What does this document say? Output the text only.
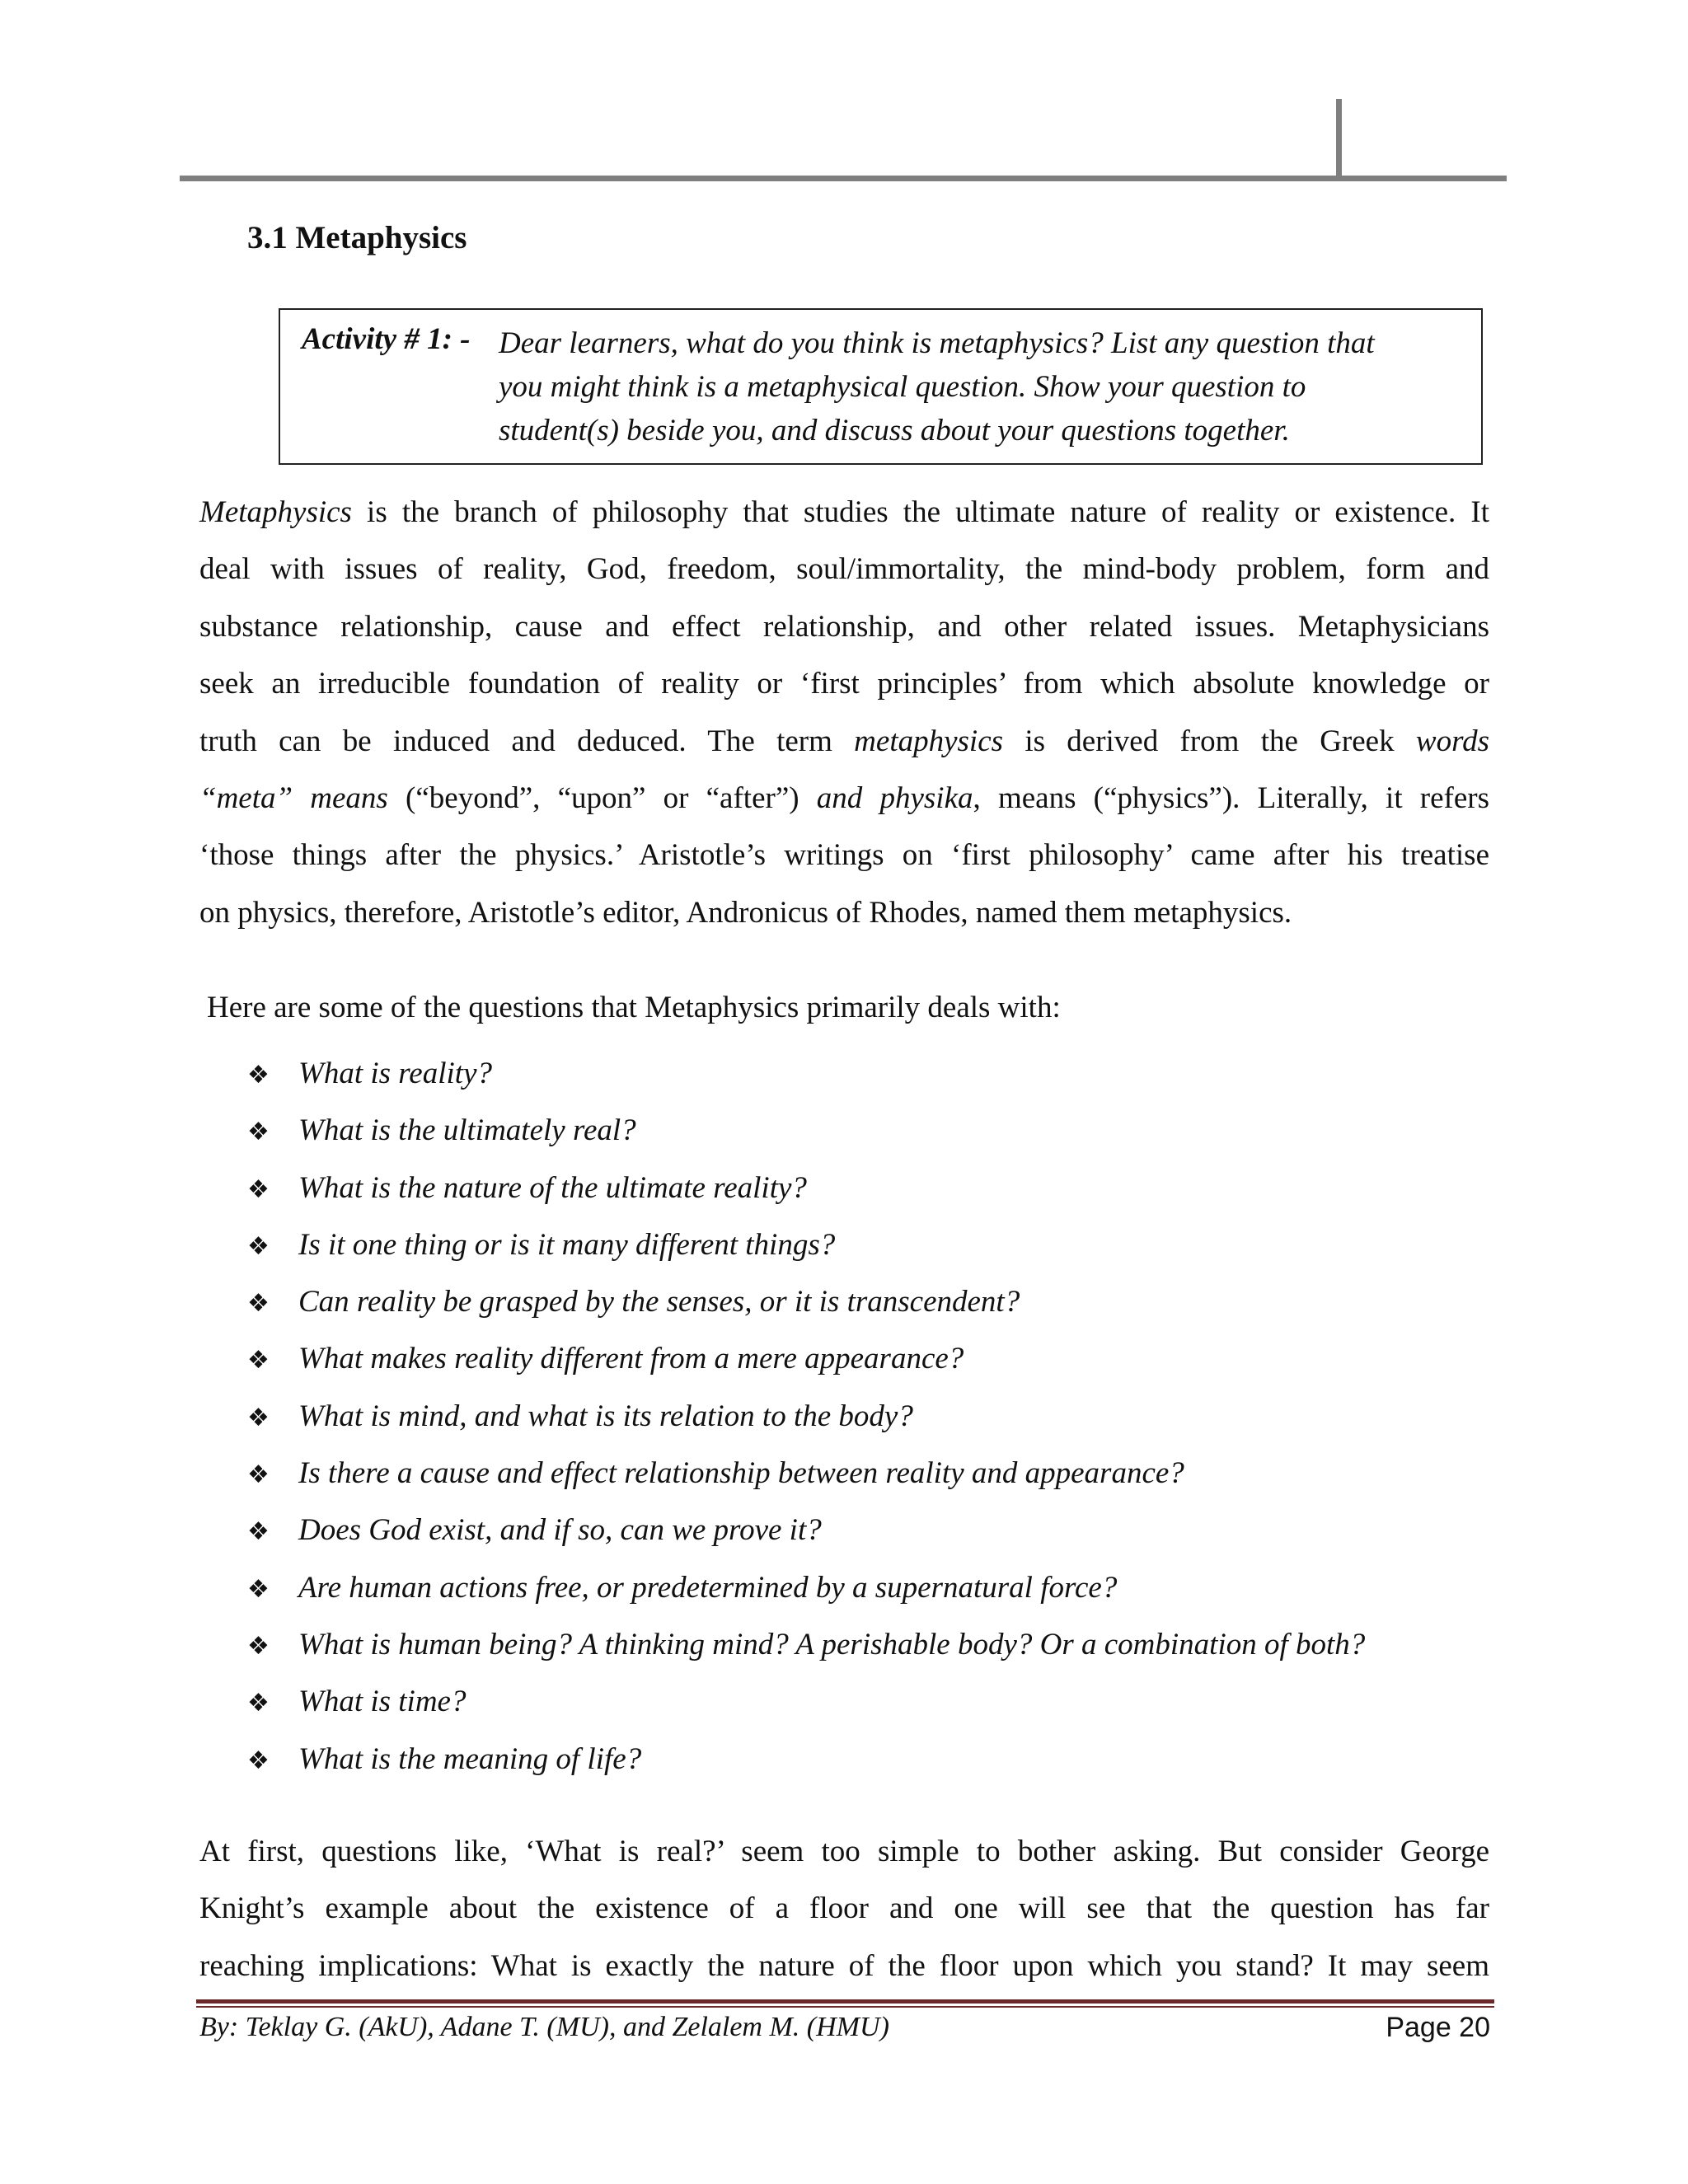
3.1 Metaphysics
Activity # 1: - Dear learners, what do you think is metaphysics? List any question that
you might think is a metaphysical question. Show your question to
student(s) beside you, and discuss about your questions together.
Metaphysics is the branch of philosophy that studies the ultimate nature of reality or existence. It
deal with issues of reality, God, freedom, soul/immortality, the mind-body problem, form and
substance relationship, cause and effect relationship, and other related issues. Metaphysicians
seek an irreducible foundation of reality or ‘first principles’ from which absolute knowledge or
truth can be induced and deduced. The term metaphysics is derived from the Greek words
“meta” means (“beyond”, “upon” or “after”) and physika, means (“physics”). Literally, it refers
‘those things after the physics.’ Aristotle’s writings on ‘first philosophy’ came after his treatise
on physics, therefore, Aristotle’s editor, Andronicus of Rhodes, named them metaphysics.
Here are some of the questions that Metaphysics primarily deals with:
❖ What is reality?
❖ What is the ultimately real?
❖ What is the nature of the ultimate reality?
❖ Is it one thing or is it many different things?
❖ Can reality be grasped by the senses, or it is transcendent?
❖ What makes reality different from a mere appearance?
❖ What is mind, and what is its relation to the body?
❖ Is there a cause and effect relationship between reality and appearance?
❖ Does God exist, and if so, can we prove it?
❖ Are human actions free, or predetermined by a supernatural force?
❖ What is human being? A thinking mind? A perishable body? Or a combination of both?
❖ What is time?
❖ What is the meaning of life?
At first, questions like, ‘What is real?’ seem too simple to bother asking. But consider George
Knight’s example about the existence of a floor and one will see that the question has far
reaching implications: What is exactly the nature of the floor upon which you stand? It may seem
By: Teklay G. (AkU), Adane T. (MU), and Zelalem M. (HMU)	Page 20
